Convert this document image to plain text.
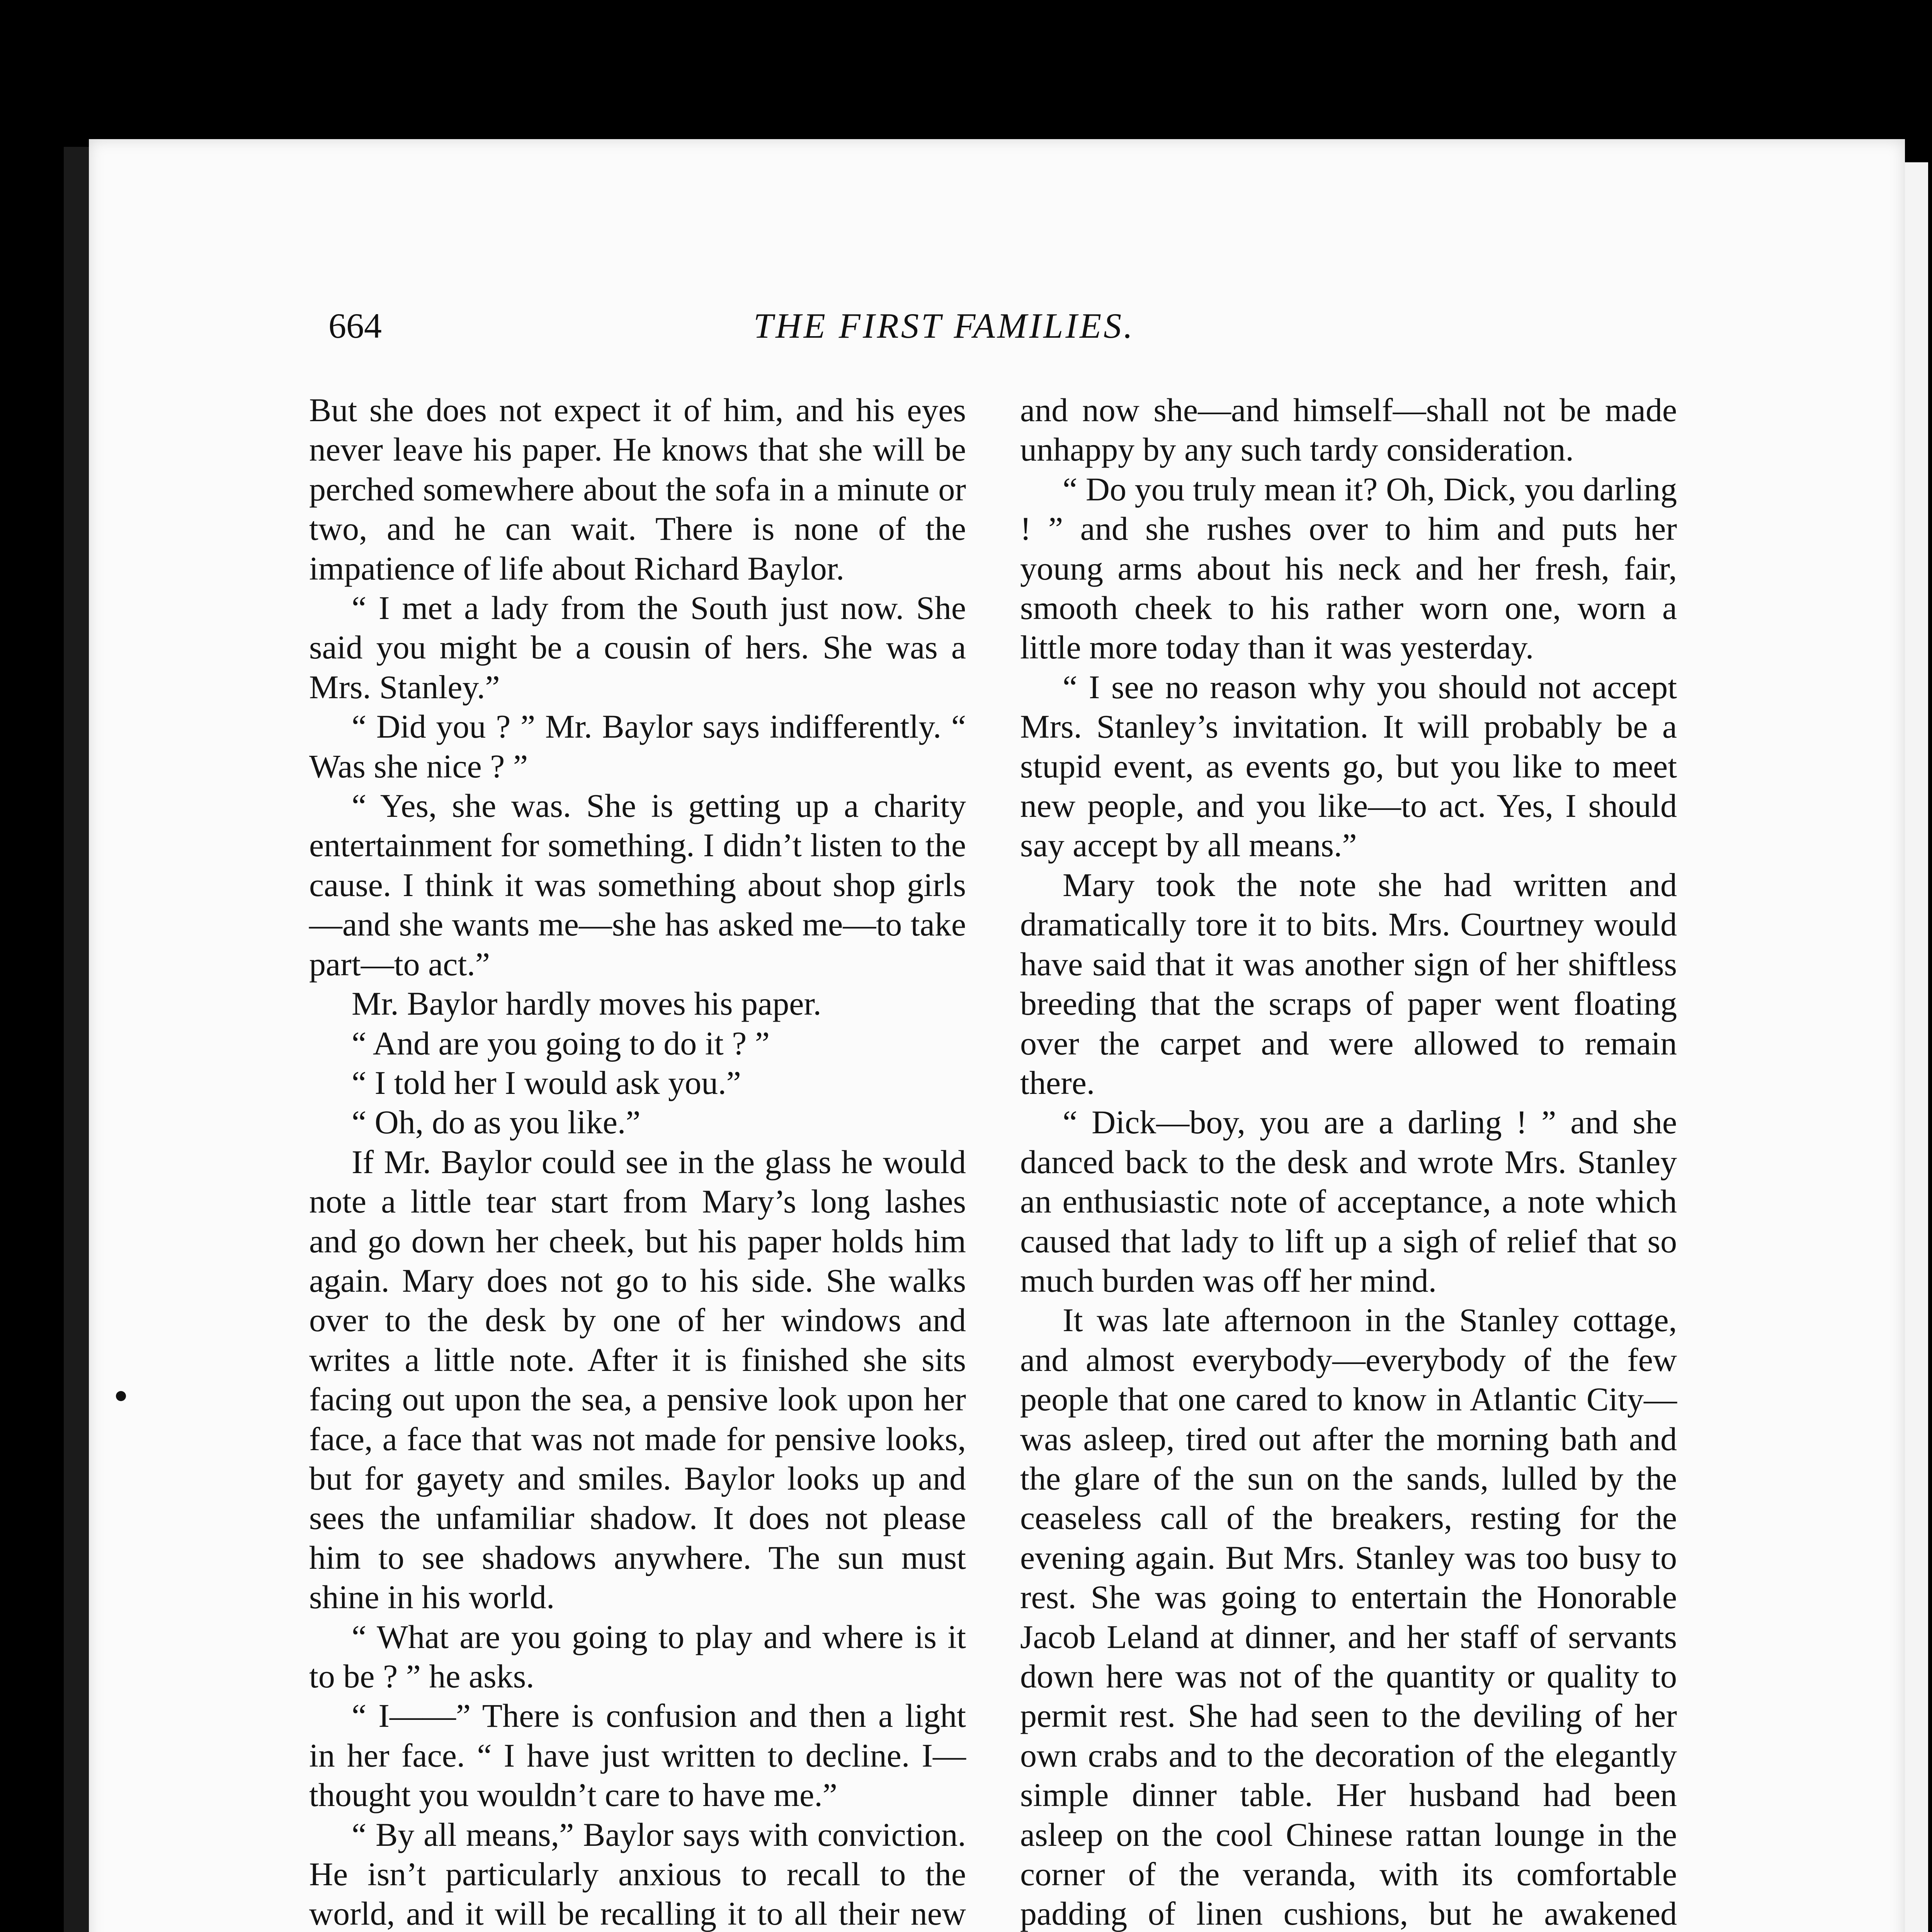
664	THE FIRST FAMILIES.

But she does not expect it of him, and his eyes never leave his paper. He knows that she will be perched somewhere about the sofa in a minute or two, and he can wait. There is none of the impatience of life about Richard Baylor.

“ I met a lady from the South just now. She said you might be a cousin of hers. She was a Mrs. Stanley.”

“ Did you ? ” Mr. Baylor says indifferently. “ Was she nice ? ”

“ Yes, she was. She is getting up a charity entertainment for something. I didn’t listen to the cause. I think it was something about shop girls—and she wants me—she has asked me—to take part—to act.”

Mr. Baylor hardly moves his paper.

“ And are you going to do it ? ”

“ I told her I would ask you.”

“ Oh, do as you like.”

If Mr. Baylor could see in the glass he would note a little tear start from Mary’s long lashes and go down her cheek, but his paper holds him again. Mary does not go to his side. She walks over to the desk by one of her windows and writes a little note. After it is finished she sits facing out upon the sea, a pensive look upon her face, a face that was not made for pensive looks, but for gayety and smiles. Baylor looks up and sees the unfamiliar shadow. It does not please him to see shadows anywhere. The sun must shine in his world.

“ What are you going to play and where is it to be ? ” he asks.

“ I——” There is confusion and then a light in her face. “ I have just written to decline. I—thought you wouldn’t care to have me.”

“ By all means,” Baylor says with conviction. He isn’t particularly anxious to recall to the world, and it will be recalling it to all their new

and now she—and himself—shall not be made unhappy by any such tardy consideration.

“ Do you truly mean it? Oh, Dick, you darling ! ” and she rushes over to him and puts her young arms about his neck and her fresh, fair, smooth cheek to his rather worn one, worn a little more today than it was yesterday.

“ I see no reason why you should not accept Mrs. Stanley’s invitation. It will probably be a stupid event, as events go, but you like to meet new people, and you like—to act. Yes, I should say accept by all means.”

Mary took the note she had written and dramatically tore it to bits. Mrs. Courtney would have said that it was another sign of her shiftless breeding that the scraps of paper went floating over the carpet and were allowed to remain there.

“ Dick—boy, you are a darling ! ” and she danced back to the desk and wrote Mrs. Stanley an enthusiastic note of acceptance, a note which caused that lady to lift up a sigh of relief that so much burden was off her mind.

It was late afternoon in the Stanley cottage, and almost everybody—everybody of the few people that one cared to know in Atlantic City—was asleep, tired out after the morning bath and the glare of the sun on the sands, lulled by the ceaseless call of the breakers, resting for the evening again. But Mrs. Stanley was too busy to rest. She was going to entertain the Honorable Jacob Leland at dinner, and her staff of servants down here was not of the quantity or quality to permit rest. She had seen to the deviling of her own crabs and to the decoration of the elegantly simple dinner table. Her husband had been asleep on the cool Chinese rattan lounge in the corner of the veranda, with its comfortable padding of linen cushions, but he awakened
